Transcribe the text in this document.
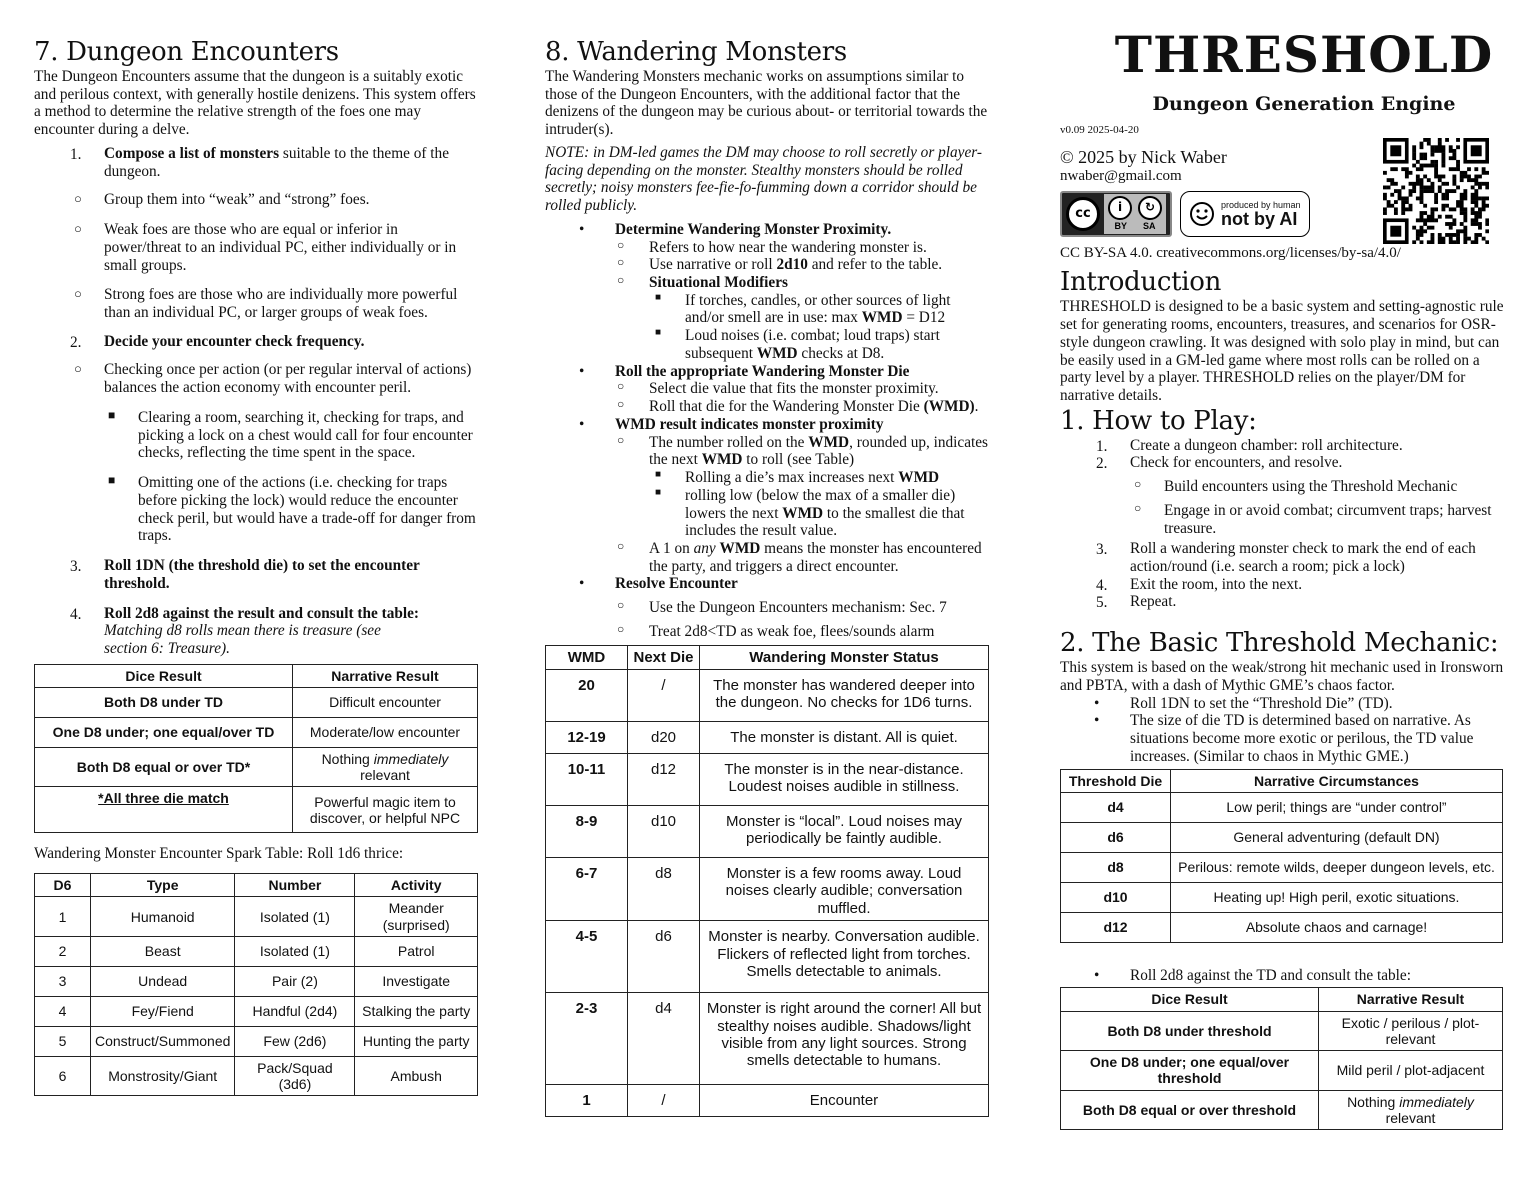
7. Dungeon Encounters

The Dungeon Encounters assume that the dungeon is a suitably exotic and perilous context, with generally hostile denizens. This system offers a method to determine the relative strength of the foes one may encounter during a delve.

1. Compose a list of monsters suitable to the theme of the dungeon.
○ Group them into “weak” and “strong” foes.
○ Weak foes are those who are equal or inferior in power/threat to an individual PC, either individually or in small groups.
○ Strong foes are those who are individually more powerful than an individual PC, or larger groups of weak foes.
2. Decide your encounter check frequency.
○ Checking once per action (or per regular interval of actions) balances the action economy with encounter peril.
■ Clearing a room, searching it, checking for traps, and picking a lock on a chest would call for four encounter checks, reflecting the time spent in the space.
■ Omitting one of the actions (i.e. checking for traps before picking the lock) would reduce the encounter check peril, but would have a trade-off for danger from traps.
3. Roll 1DN (the threshold die) to set the encounter threshold.
4. Roll 2d8 against the result and consult the table:
Matching d8 rolls mean there is treasure (see section 6: Treasure).
Dice Result	Narrative Result
Both D8 under TD	Difficult encounter
One D8 under; one equal/over TD	Moderate/low encounter
Both D8 equal or over TD*	Nothing immediately relevant
*All three die match	Powerful magic item to discover, or helpful NPC

Wandering Monster Encounter Spark Table: Roll 1d6 thrice:

D6	Type	Number	Activity
1	Humanoid	Isolated (1)	Meander (surprised)
2	Beast	Isolated (1)	Patrol
3	Undead	Pair (2)	Investigate
4	Fey/Fiend	Handful (2d4)	Stalking the party
5	Construct/Summoned	Few (2d6)	Hunting the party
6	Monstrosity/Giant	Pack/Squad (3d6)	Ambush
8. Wandering Monsters

The Wandering Monsters mechanic works on assumptions similar to those of the Dungeon Encounters, with the additional factor that the denizens of the dungeon may be curious about- or territorial towards the intruder(s).

NOTE: in DM-led games the DM may choose to roll secretly or player-facing depending on the monster. Stealthy monsters should be rolled secretly; noisy monsters fee-fie-fo-fumming down a corridor should be rolled publicly.

• Determine Wandering Monster Proximity.
○ Refers to how near the wandering monster is.
○ Use narrative or roll 2d10 and refer to the table.
○ Situational Modifiers
■ If torches, candles, or other sources of light and/or smell are in use: max WMD = D12
■ Loud noises (i.e. combat; loud traps) start subsequent WMD checks at D8.
• Roll the appropriate Wandering Monster Die
○ Select die value that fits the monster proximity.
○ Roll that die for the Wandering Monster Die (WMD).
• WMD result indicates monster proximity
○ The number rolled on the WMD, rounded up, indicates the next WMD to roll (see Table)
■ Rolling a die’s max increases next WMD
■ rolling low (below the max of a smaller die) lowers the next WMD to the smallest die that includes the result value.
○ A 1 on any WMD means the monster has encountered the party, and triggers a direct encounter.
• Resolve Encounter
○ Use the Dungeon Encounters mechanism: Sec. 7
○ Treat 2d8<TD as weak foe, flees/sounds alarm
WMD	Next Die	Wandering Monster Status
20	/	The monster has wandered deeper into the dungeon. No checks for 1D6 turns.
12-19	d20	The monster is distant. All is quiet.
10-11	d12	The monster is in the near-distance. Loudest noises audible in stillness.
8-9	d10	Monster is “local”. Loud noises may periodically be faintly audible.
6-7	d8	Monster is a few rooms away. Loud noises clearly audible; conversation muffled.
4-5	d6	Monster is nearby. Conversation audible. Flickers of reflected light from torches. Smells detectable to animals.
2-3	d4	Monster is right around the corner! All but stealthy noises audible. Shadows/light visible from any light sources. Strong smells detectable to humans.
1	/	Encounter
THRESHOLD
Dungeon Generation Engine
v0.09 2025-04-20
© 2025 by Nick Waber
nwaber@gmail.com
cc	i	↻
BY SA
produced by human
not by AI
CC BY-SA 4.0. creativecommons.org/licenses/by-sa/4.0/
Introduction

THRESHOLD is designed to be a basic system and setting-agnostic rule set for generating rooms, encounters, treasures, and scenarios for OSR-style dungeon crawling. It was designed with solo play in mind, but can be easily used in a GM-led game where most rolls can be rolled on a party level by a player. THRESHOLD relies on the player/DM for narrative details.

1. How to Play:
1. Create a dungeon chamber: roll architecture.
2. Check for encounters, and resolve.
○ Build encounters using the Threshold Mechanic
○ Engage in or avoid combat; circumvent traps; harvest treasure.
3. Roll a wandering monster check to mark the end of each action/round (i.e. search a room; pick a lock)
4. Exit the room, into the next.
5. Repeat.
2. The Basic Threshold Mechanic:

This system is based on the weak/strong hit mechanic used in Ironsworn and PBTA, with a dash of Mythic GME’s chaos factor.

• Roll 1DN to set the “Threshold Die” (TD).
• The size of die TD is determined based on narrative. As situations become more exotic or perilous, the TD value increases. (Similar to chaos in Mythic GME.)
Threshold Die	Narrative Circumstances
d4	Low peril; things are “under control”
d6	General adventuring (default DN)
d8	Perilous: remote wilds, deeper dungeon levels, etc.
d10	Heating up! High peril, exotic situations.
d12	Absolute chaos and carnage!
• Roll 2d8 against the TD and consult the table:
Dice Result	Narrative Result
Both D8 under threshold	Exotic / perilous / plot-relevant
One D8 under; one equal/over threshold	Mild peril / plot-adjacent
Both D8 equal or over threshold	Nothing immediately relevant
